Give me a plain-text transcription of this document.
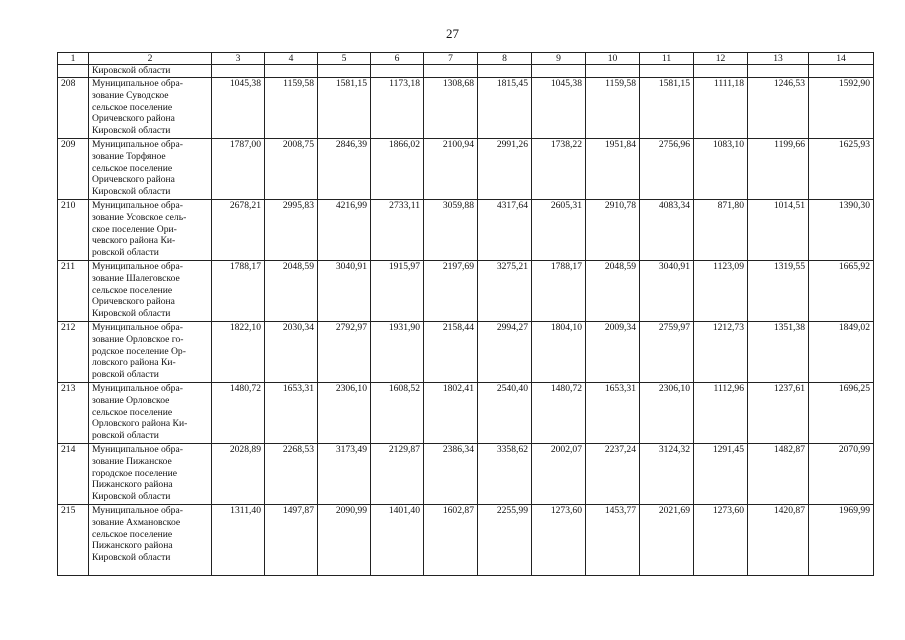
27
1	2	3	4	5	6	7	8	9	10	11	12	13	14
	Кировской области												
208	Муниципальное обра-
зование Суводское
сельское поселение
Оричевского района
Кировской области	1045,38	1159,58	1581,15	1173,18	1308,68	1815,45	1045,38	1159,58	1581,15	1111,18	1246,53	1592,90
209	Муниципальное обра-
зование Торфяное
сельское поселение
Оричевского района
Кировской области	1787,00	2008,75	2846,39	1866,02	2100,94	2991,26	1738,22	1951,84	2756,96	1083,10	1199,66	1625,93
210	Муниципальное обра-
зование Усовское сель-
ское поселение Ори-
чевского района Ки-
ровской области	2678,21	2995,83	4216,99	2733,11	3059,88	4317,64	2605,31	2910,78	4083,34	871,80	1014,51	1390,30
211	Муниципальное обра-
зование Шалеговское
сельское поселение
Оричевского района
Кировской области	1788,17	2048,59	3040,91	1915,97	2197,69	3275,21	1788,17	2048,59	3040,91	1123,09	1319,55	1665,92
212	Муниципальное обра-
зование Орловское го-
родское поселение Ор-
ловского района Ки-
ровской области	1822,10	2030,34	2792,97	1931,90	2158,44	2994,27	1804,10	2009,34	2759,97	1212,73	1351,38	1849,02
213	Муниципальное обра-
зование Орловское
сельское поселение
Орловского района Ки-
ровской области	1480,72	1653,31	2306,10	1608,52	1802,41	2540,40	1480,72	1653,31	2306,10	1112,96	1237,61	1696,25
214	Муниципальное обра-
зование Пижанское
городское поселение
Пижанского района
Кировской области	2028,89	2268,53	3173,49	2129,87	2386,34	3358,62	2002,07	2237,24	3124,32	1291,45	1482,87	2070,99
215	Муниципальное обра-
зование Ахмановское
сельское поселение
Пижанского района
Кировской области	1311,40	1497,87	2090,99	1401,40	1602,87	2255,99	1273,60	1453,77	2021,69	1273,60	1420,87	1969,99
